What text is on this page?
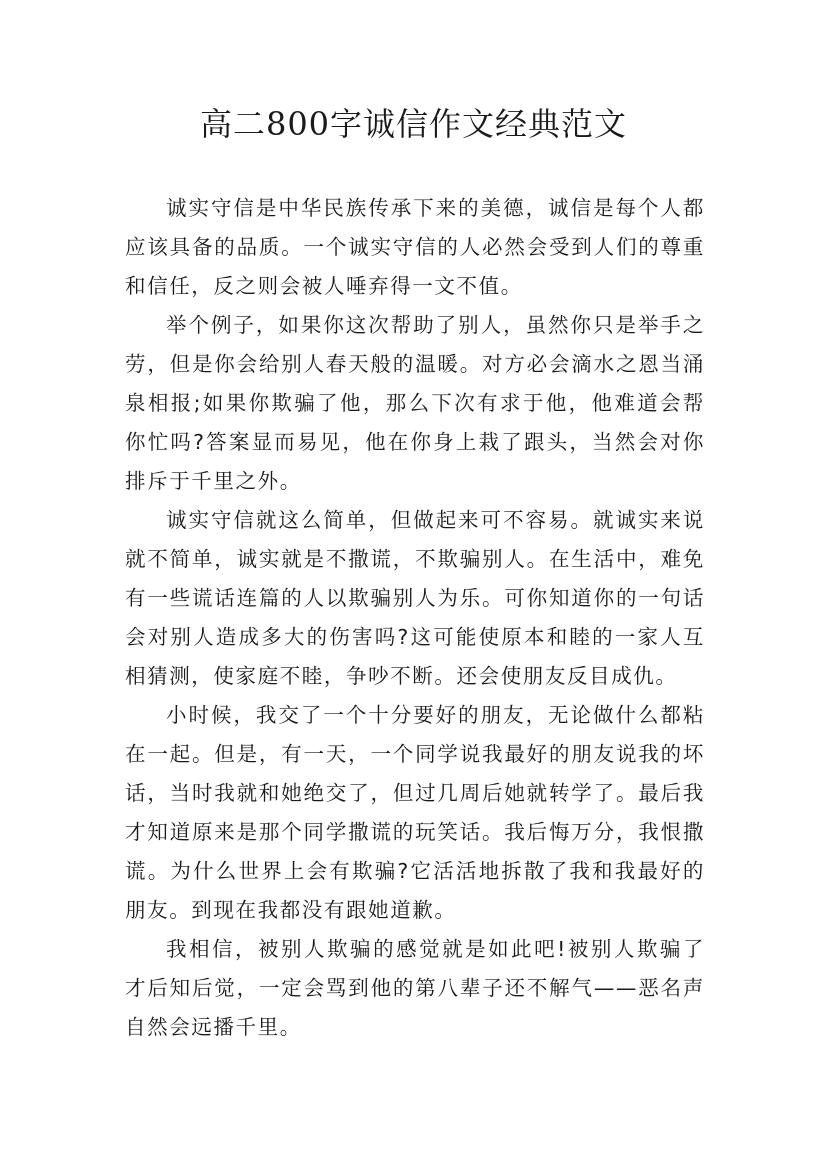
高二800字诚信作文经典范文

诚实守信是中华民族传承下来的美德，诚信是每个人都应该具备的品质。一个诚实守信的人必然会受到人们的尊重和信任，反之则会被人唾弃得一文不值。

举个例子，如果你这次帮助了别人，虽然你只是举手之劳，但是你会给别人春天般的温暖。对方必会滴水之恩当涌泉相报;如果你欺骗了他，那么下次有求于他，他难道会帮你忙吗?答案显而易见，他在你身上栽了跟头，当然会对你排斥于千里之外。

诚实守信就这么简单，但做起来可不容易。就诚实来说就不简单，诚实就是不撒谎，不欺骗别人。在生活中，难免有一些谎话连篇的人以欺骗别人为乐。可你知道你的一句话会对别人造成多大的伤害吗?这可能使原本和睦的一家人互相猜测，使家庭不睦，争吵不断。还会使朋友反目成仇。

小时候，我交了一个十分要好的朋友，无论做什么都粘在一起。但是，有一天，一个同学说我最好的朋友说我的坏话，当时我就和她绝交了，但过几周后她就转学了。最后我才知道原来是那个同学撒谎的玩笑话。我后悔万分，我恨撒谎。为什么世界上会有欺骗?它活活地拆散了我和我最好的朋友。到现在我都没有跟她道歉。

我相信，被别人欺骗的感觉就是如此吧!被别人欺骗了才后知后觉，一定会骂到他的第八辈子还不解气——恶名声自然会远播千里。
